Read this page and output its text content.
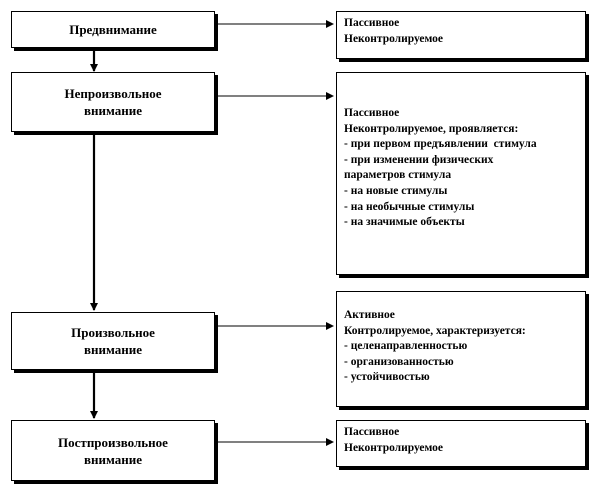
Предвнимание	Пассивное
Неконтролируемое
Непроизвольное
внимание	Пассивное
Неконтролируемое, проявляется:
- при первом предъявлении  стимула
- при изменении физических
параметров стимула
- на новые стимулы
- на необычные стимулы
- на значимые объекты
Произвольное
внимание
Активное
Контролируемое, характеризуется:
- целенаправленностью
- организованностью
- устойчивостью
Постпроизвольное
внимание
Пассивное
Неконтролируемое
